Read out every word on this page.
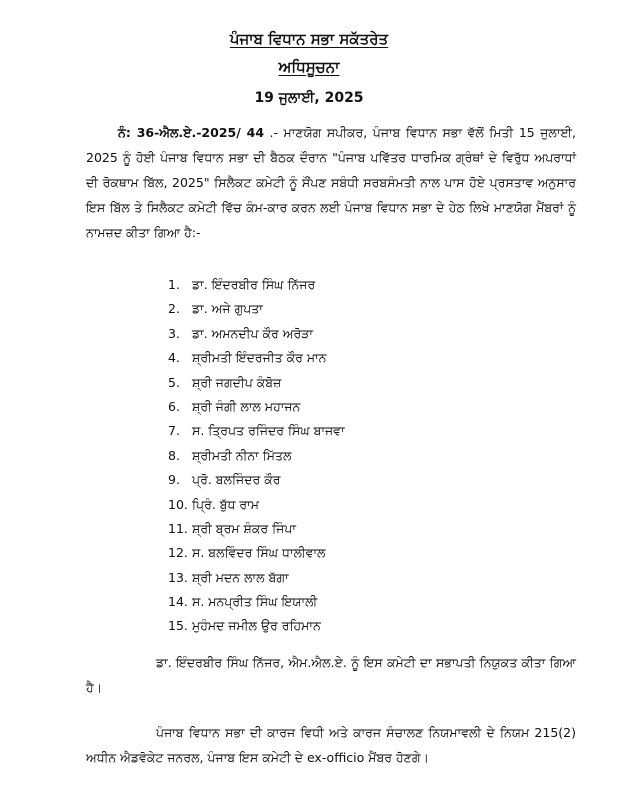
ਪੰਜਾਬ ਵਿਧਾਨ ਸਭਾ ਸਕੱਤਰੇਤ
ਅਧਿਸੂਚਨਾ
19 ਜੁਲਾਈ, 2025
ਨੰ: 36-ਐਲ.ਏ.-2025/ 44 .- ਮਾਣਯੋਗ ਸਪੀਕਰ, ਪੰਜਾਬ ਵਿਧਾਨ ਸਭਾ ਵੱਲੋਂ ਮਿਤੀ 15 ਜੁਲਾਈ, 2025 ਨੂੰ ਹੋਈ ਪੰਜਾਬ ਵਿਧਾਨ ਸਭਾ ਦੀ ਬੈਠਕ ਦੌਰਾਨ "ਪੰਜਾਬ ਪਵਿੱਤਰ ਧਾਰਮਿਕ ਗ੍ਰੰਥਾਂ ਦੇ ਵਿਰੁੱਧ ਅਪਰਾਧਾਂ ਦੀ ਰੋਕਥਾਮ ਬਿੱਲ, 2025" ਸਿਲੈਕਟ ਕਮੇਟੀ ਨੂੰ ਸੌਂਪਣ ਸਬੰਧੀ ਸਰਬਸੰਮਤੀ ਨਾਲ ਪਾਸ ਹੋਏ ਪ੍ਰਸਤਾਵ ਅਨੁਸਾਰ ਇਸ ਬਿੱਲ ਤੇ ਸਿਲੈਕਟ ਕਮੇਟੀ ਵਿੱਚ ਕੰਮ-ਕਾਰ ਕਰਨ ਲਈ ਪੰਜਾਬ ਵਿਧਾਨ ਸਭਾ ਦੇ ਹੇਠ ਲਿਖੇ ਮਾਣਯੋਗ ਮੈਂਬਰਾਂ ਨੂੰ ਨਾਮਜ਼ਦ ਕੀਤਾ ਗਿਆ ਹੈ:-
1. ਡਾ. ਇੰਦਰਬੀਰ ਸਿੰਘ ਨਿੱਜਰ
2. ਡਾ. ਅਜੇ ਗੁਪਤਾ
3. ਡਾ. ਅਮਨਦੀਪ ਕੌਰ ਅਰੋੜਾ
4. ਸ਼੍ਰੀਮਤੀ ਇੰਦਰਜੀਤ ਕੌਰ ਮਾਨ
5. ਸ਼੍ਰੀ ਜਗਦੀਪ ਕੰਬੋਜ਼
6. ਸ਼੍ਰੀ ਜੰਗੀ ਲਾਲ ਮਹਾਜਨ
7. ਸ. ਤ੍ਰਿਪਤ ਰਜਿੰਦਰ ਸਿੰਘ ਬਾਜਵਾ
8. ਸ਼੍ਰੀਮਤੀ ਨੀਨਾ ਮਿੱਤਲ
9. ਪ੍ਰੋ. ਬਲਜਿੰਦਰ ਕੌਰ
10. ਪ੍ਰਿੰ. ਬੁੱਧ ਰਾਮ
11. ਸ਼੍ਰੀ ਬ੍ਰਮ ਸ਼ੰਕਰ ਜਿੰਪਾ
12. ਸ. ਬਲਵਿੰਦਰ ਸਿੰਘ ਧਾਲੀਵਾਲ
13. ਸ਼੍ਰੀ ਮਦਨ ਲਾਲ ਬੱਗਾ
14. ਸ. ਮਨਪ੍ਰੀਤ ਸਿੰਘ ਇਯਾਲੀ
15. ਮੁਹੰਮਦ ਜਮੀਲ ਉਰ ਰਹਿਮਾਨ
ਡਾ. ਇੰਦਰਬੀਰ ਸਿੰਘ ਨਿੱਜਰ, ਐਮ.ਐਲ.ਏ. ਨੂੰ ਇਸ ਕਮੇਟੀ ਦਾ ਸਭਾਪਤੀ ਨਿਯੁਕਤ ਕੀਤਾ ਗਿਆ ਹੈ।
ਪੰਜਾਬ ਵਿਧਾਨ ਸਭਾ ਦੀ ਕਾਰਜ ਵਿਧੀ ਅਤੇ ਕਾਰਜ ਸੰਚਾਲਣ ਨਿਯਮਾਵਲੀ ਦੇ ਨਿਯਮ 215(2) ਅਧੀਨ ਐਡਵੋਕੇਟ ਜਨਰਲ, ਪੰਜਾਬ ਇਸ ਕਮੇਟੀ ਦੇ ex-officio ਮੈਂਬਰ ਹੋਣਗੇ।
